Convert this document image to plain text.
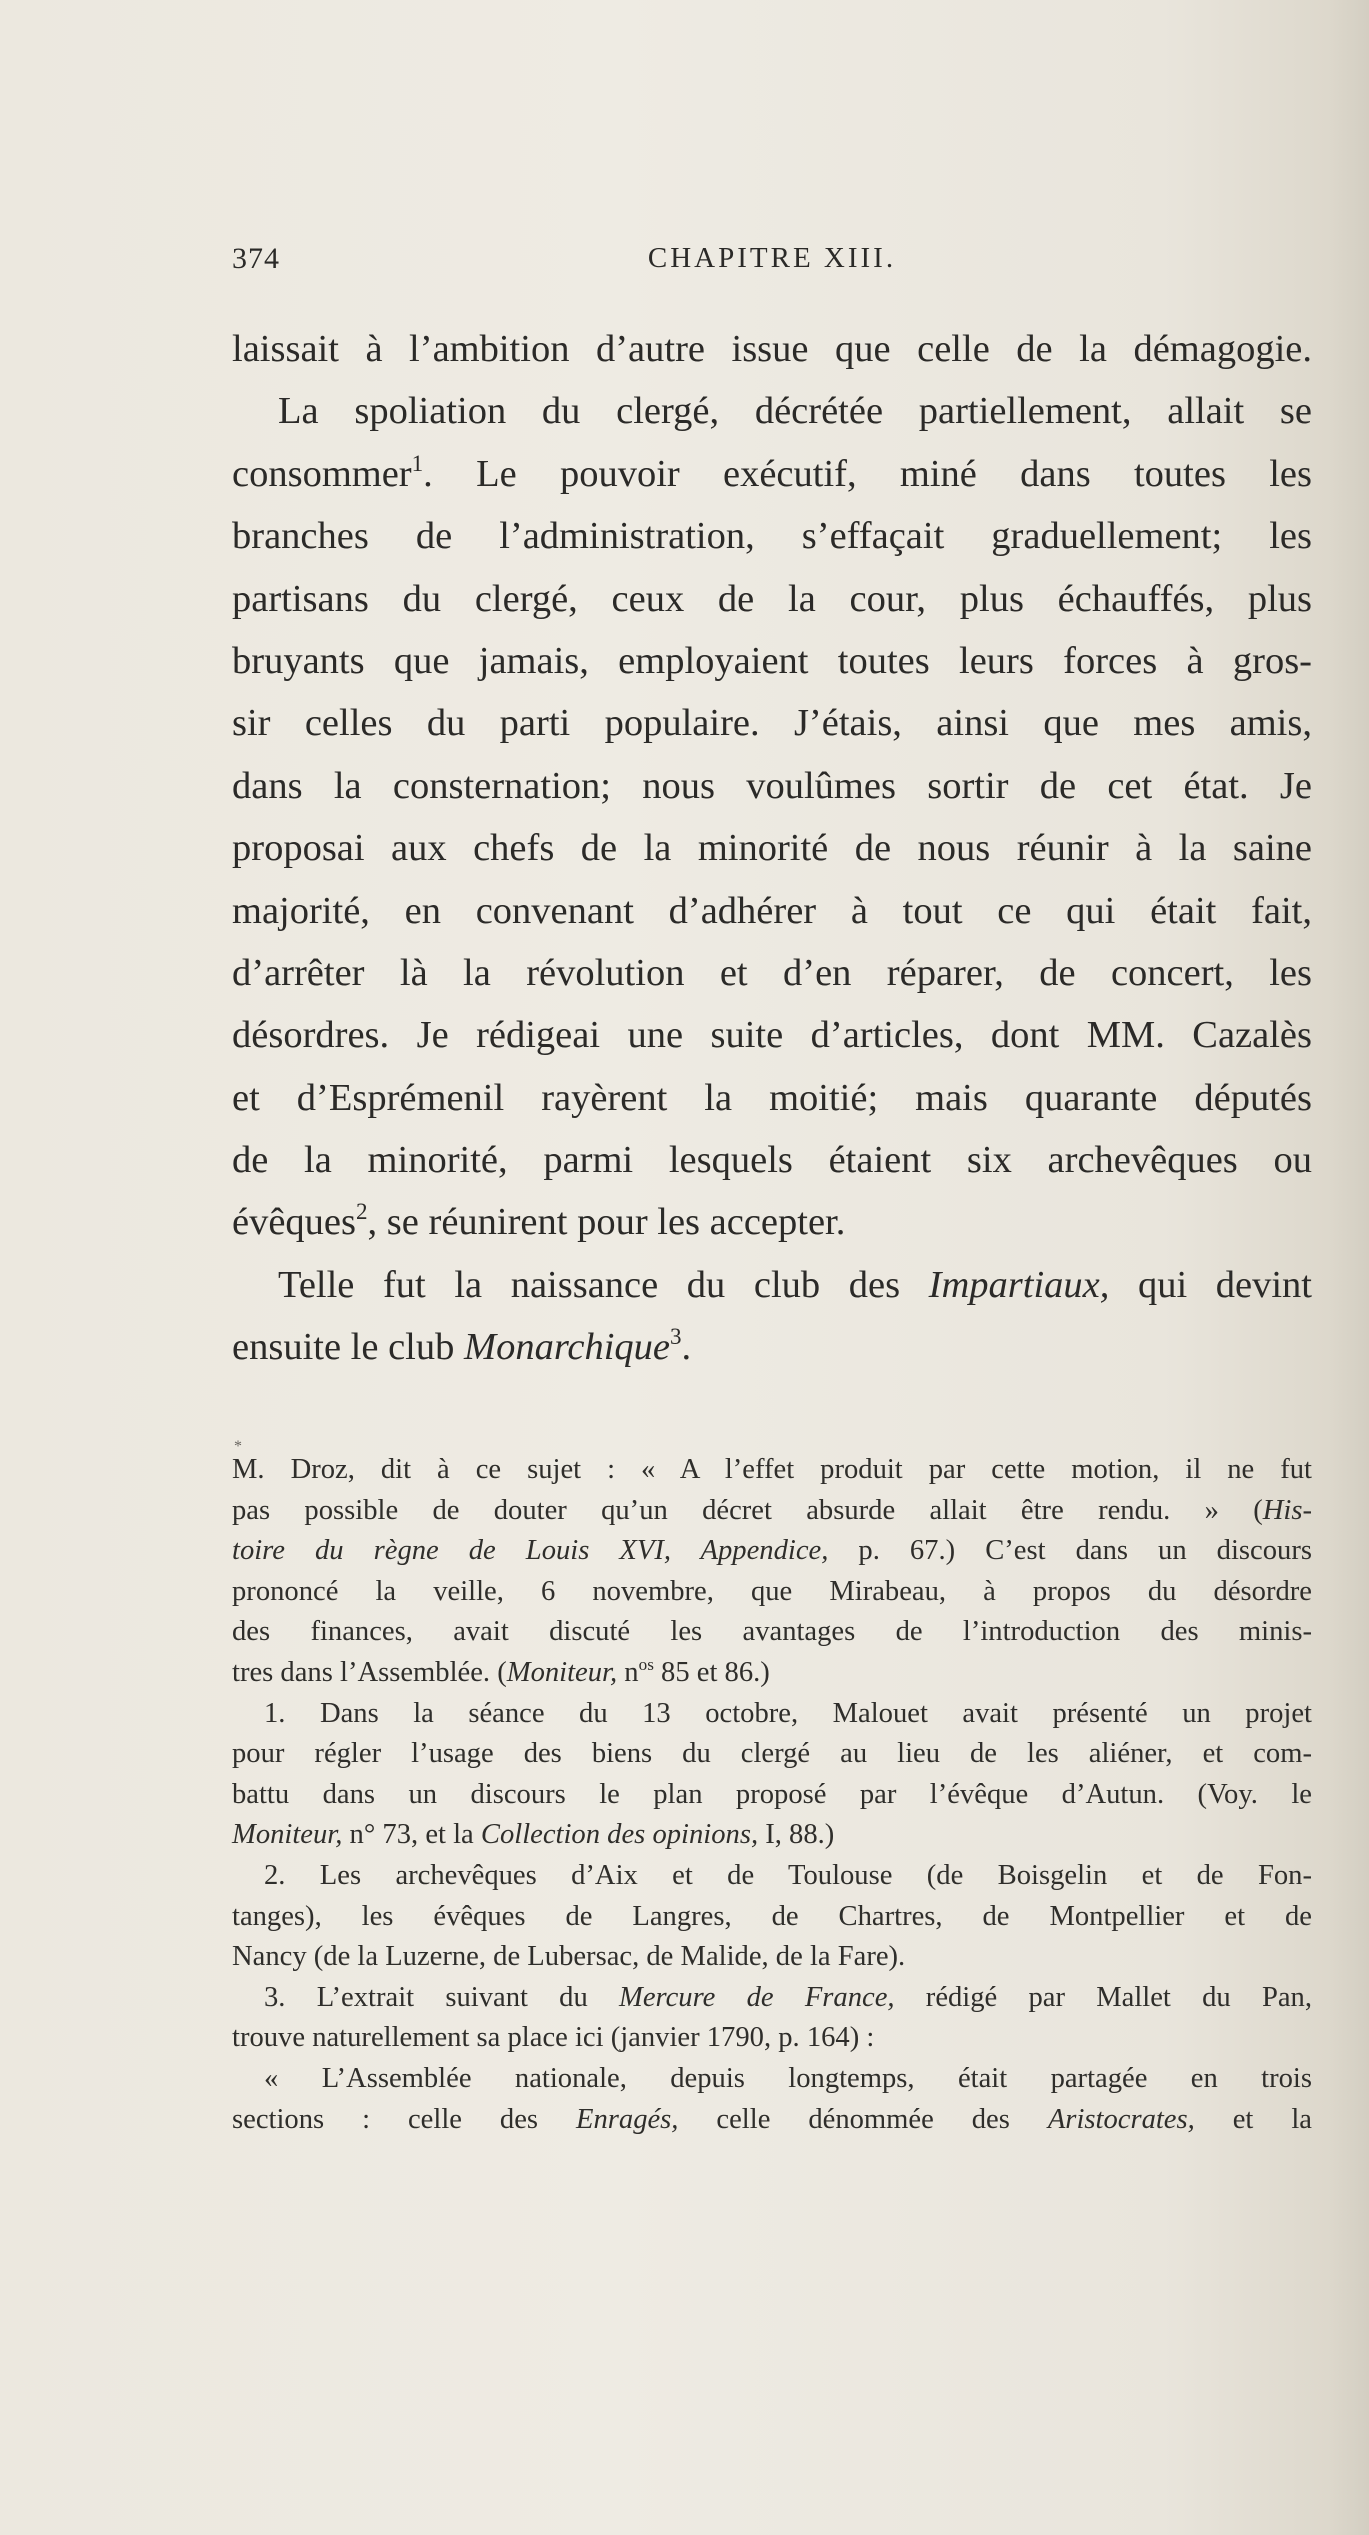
374	CHAPITRE XIII.
laissait à l’ambition d’autre issue que celle de la démagogie.
La spoliation du clergé, décrétée partiellement, allait se
consommer$^1$. Le pouvoir exécutif, miné dans toutes les
branches de l’administration, s’effaçait graduellement; les
partisans du clergé, ceux de la cour, plus échauffés, plus
bruyants que jamais, employaient toutes leurs forces à gros-
sir celles du parti populaire. J’étais, ainsi que mes amis,
dans la consternation; nous voulûmes sortir de cet état. Je
proposai aux chefs de la minorité de nous réunir à la saine
majorité, en convenant d’adhérer à tout ce qui était fait,
d’arrêter là la révolution et d’en réparer, de concert, les
désordres. Je rédigeai une suite d’articles, dont MM. Cazalès
et d’Esprémenil rayèrent la moitié; mais quarante députés
de la minorité, parmi lesquels étaient six archevêques ou
évêques$^2$, se réunirent pour les accepter.
Telle fut la naissance du club des Impartiaux, qui devint
ensuite le club Monarchique$^3$.
*
M. Droz, dit à ce sujet : « A l’effet produit par cette motion, il ne fut
pas possible de douter qu’un décret absurde allait être rendu. » (His-
toire du règne de Louis XVI, Appendice, p. 67.) C’est dans un discours
prononcé la veille, 6 novembre, que Mirabeau, à propos du désordre
des finances, avait discuté les avantages de l’introduction des minis-
tres dans l’Assemblée. (Moniteur, $n^{os}$ 85 et 86.)
1. Dans la séance du 13 octobre, Malouet avait présenté un projet
pour régler l’usage des biens du clergé au lieu de les aliéner, et com-
battu dans un discours le plan proposé par l’évêque d’Autun. (Voy. le
Moniteur, n° 73, et la Collection des opinions, I, 88.)
2. Les archevêques d’Aix et de Toulouse (de Boisgelin et de Fon-
tanges), les évêques de Langres, de Chartres, de Montpellier et de
Nancy (de la Luzerne, de Lubersac, de Malide, de la Fare).
3. L’extrait suivant du Mercure de France, rédigé par Mallet du Pan,
trouve naturellement sa place ici (janvier 1790, p. 164) :
« L’Assemblée nationale, depuis longtemps, était partagée en trois
sections : celle des Enragés, celle dénommée des Aristocrates, et la
